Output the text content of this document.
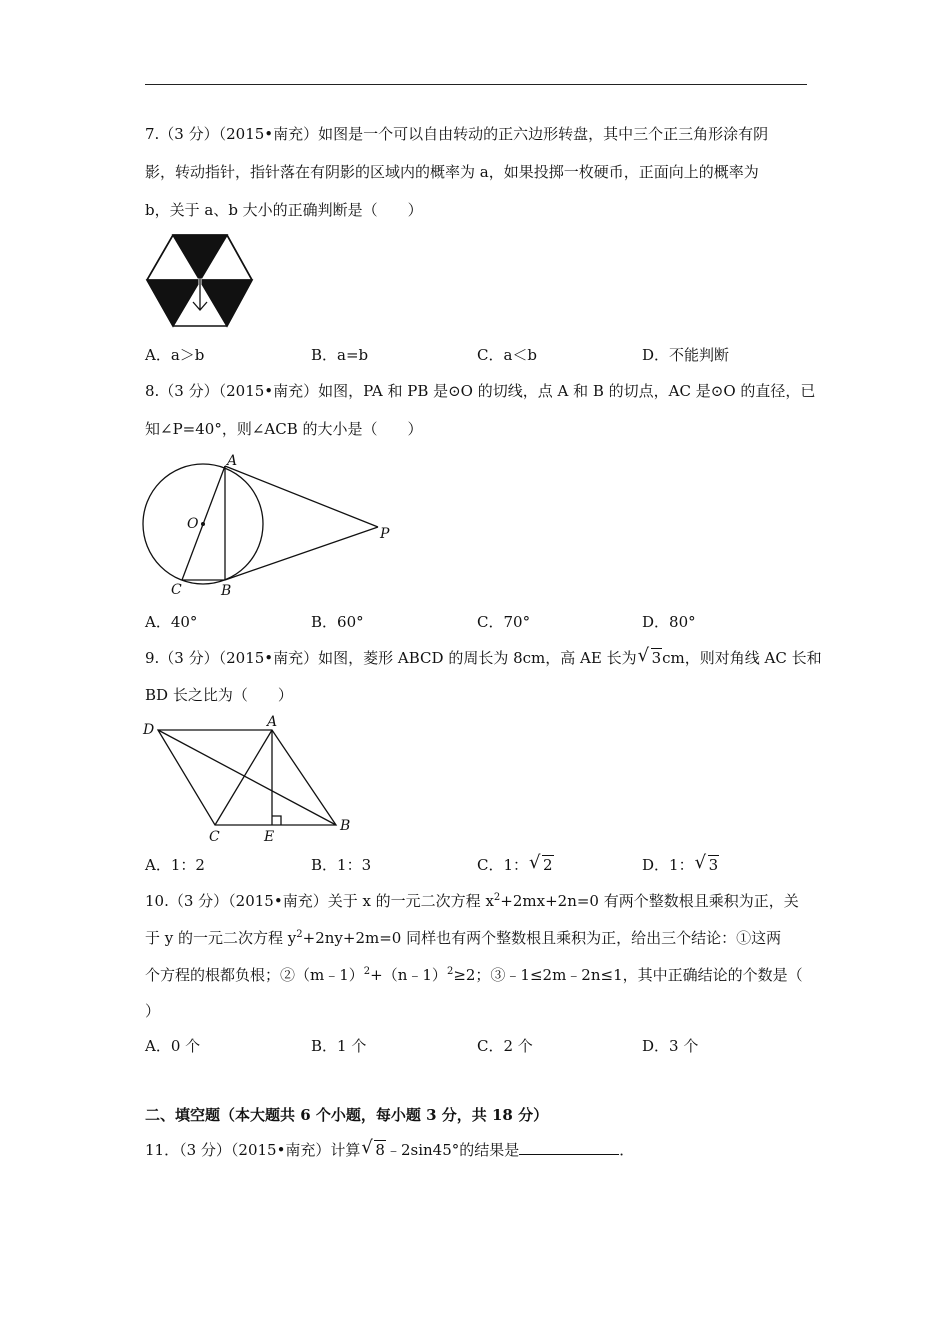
7.（3 分）（2015•南充）如图是一个可以自由转动的正六边形转盘，其中三个正三角形涂有阴
影，转动指针，指针落在有阴影的区域内的概率为 a，如果投掷一枚硬币，正面向上的概率为
b，关于 a、b 大小的正确判断是（　　）
A．a＞b	B．a=b	C．a＜b	D．不能判断
8.（3 分）（2015•南充）如图，PA 和 PB 是⊙O 的切线，点 A 和 B 的切点，AC 是⊙O 的直径，已
知∠P=40°，则∠ACB 的大小是（　　）
A
O
P
C	B
A．40°	B．60°	C．70°	D．80°
9.（3 分）（2015•南充）如图，菱形 ABCD 的周长为 8cm，高 AE 长为 √ 3cm，则对角线 AC 长和
BD 长之比为（　　）
D	A
C	E
B
A．1：2	B．1：3	C．1： √ 2	D．1： √ 3
10.（3 分）（2015•南充）关于 x 的一元二次方程 $x^2+2mx+2n=0$ 有两个整数根且乘积为正，关
于 y 的一元二次方程 $y^2+2ny+2m=0$ 同样也有两个整数根且乘积为正，给出三个结论：①这两
个方程的根都负根；②（m﹣1）$^2$+（n﹣1）$^2$≥2；③﹣1≤2m﹣2n≤1，其中正确结论的个数是（
）
A．0 个	B．1 个	C．2 个	D．3 个
二、填空题（本大题共 6 个小题，每小题 3 分，共 18 分）
11．（3 分）（2015•南充）计算 √ 8﹣2sin45°的结果是	．
